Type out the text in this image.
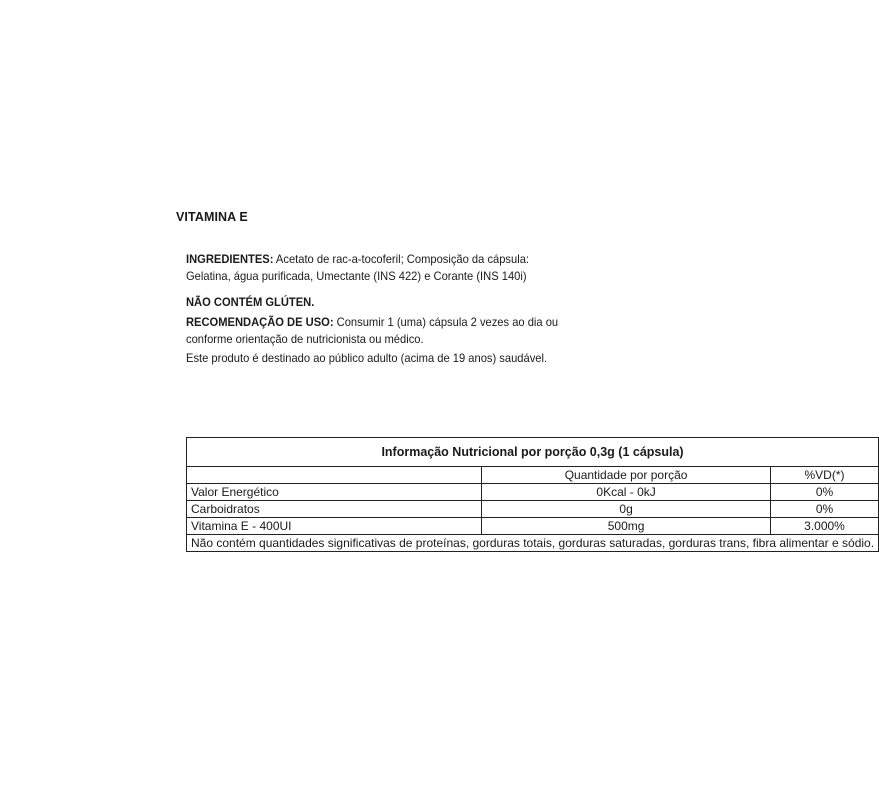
VITAMINA E
INGREDIENTES: Acetato de rac-a-tocoferil; Composição da cápsula:
Gelatina, água purificada, Umectante (INS 422) e Corante (INS 140i)
NÃO CONTÉM GLÚTEN.
RECOMENDAÇÃO DE USO: Consumir 1 (uma) cápsula 2 vezes ao dia ou
conforme orientação de nutricionista ou médico.
Este produto é destinado ao público adulto (acima de 19 anos) saudável.
Informação Nutricional por porção 0,3g (1 cápsula)		
	Quantidade por porção	%VD(*)
Valor Energético	0Kcal - 0kJ	0%
Carboidratos	0g	0%
Vitamina E - 400UI	500mg	3.000%
Não contém quantidades significativas de proteínas, gorduras totais, gorduras saturadas, gorduras trans, fibra alimentar e sódio.		
